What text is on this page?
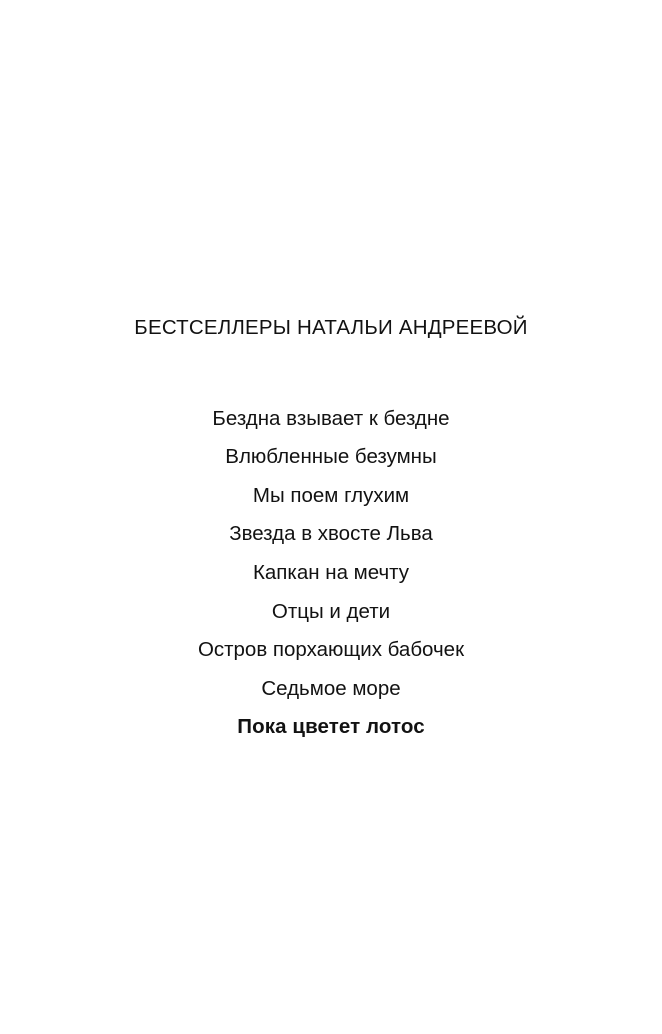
БЕСТСЕЛЛЕРЫ НАТАЛЬИ АНДРЕЕВОЙ
Бездна взывает к бездне
Влюбленные безумны
Мы поем глухим
Звезда в хвосте Льва
Капкан на мечту
Отцы и дети
Остров порхающих бабочек
Седьмое море
Пока цветет лотос
